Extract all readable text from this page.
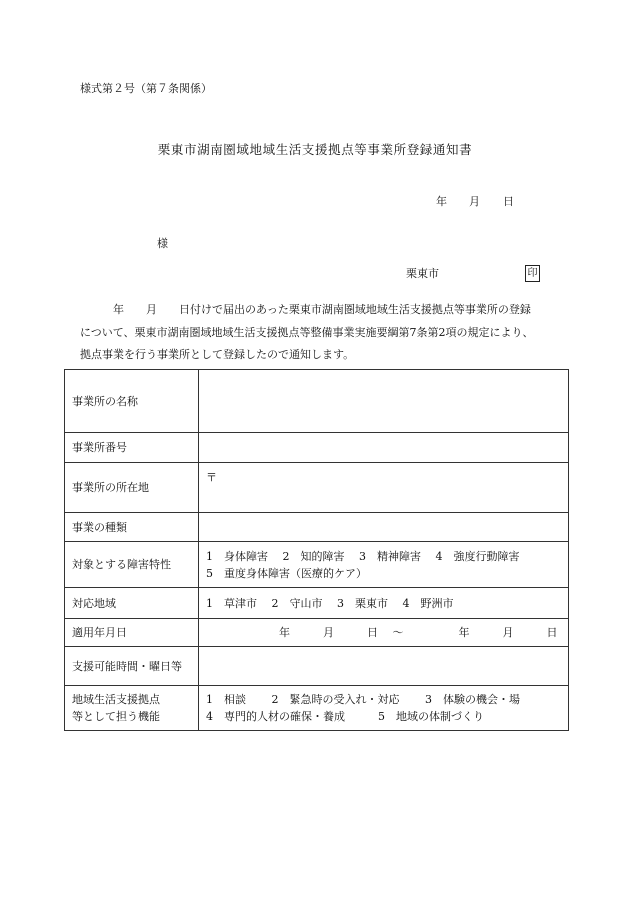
様式第２号（第７条関係）
栗東市湖南圏域地域生活支援拠点等事業所登録通知書
年 月 日
様
栗東市	印
　　　年　　月　　日付けで届出のあった栗東市湖南圏域地域生活支援拠点等事業所の登録
について、栗東市湖南圏域地域生活支援拠点等整備事業実施要綱第7条第2項の規定により、
拠点事業を行う事業所として登録したので通知します。
事業所の名称	
事業所番号	
事業所の所在地	〒
事業の種類	
対象とする障害特性	1　身体障害　 2　知的障害　 3　精神障害　 4　強度行動障害
5　重度身体障害（医療的ケア）
対応地域	1　草津市　 2　守山市　 3　栗東市　 4　野洲市
適用年月日	年　　　月　　　日　 ～　　　　　年　　　月　　　日
支援可能時間・曜日等	
地域生活支援拠点
等として担う機能	1　相談　　 2　緊急時の受入れ・対応　　 3　体験の機会・場
4　専門的人材の確保・養成　　　5　地域の体制づくり
